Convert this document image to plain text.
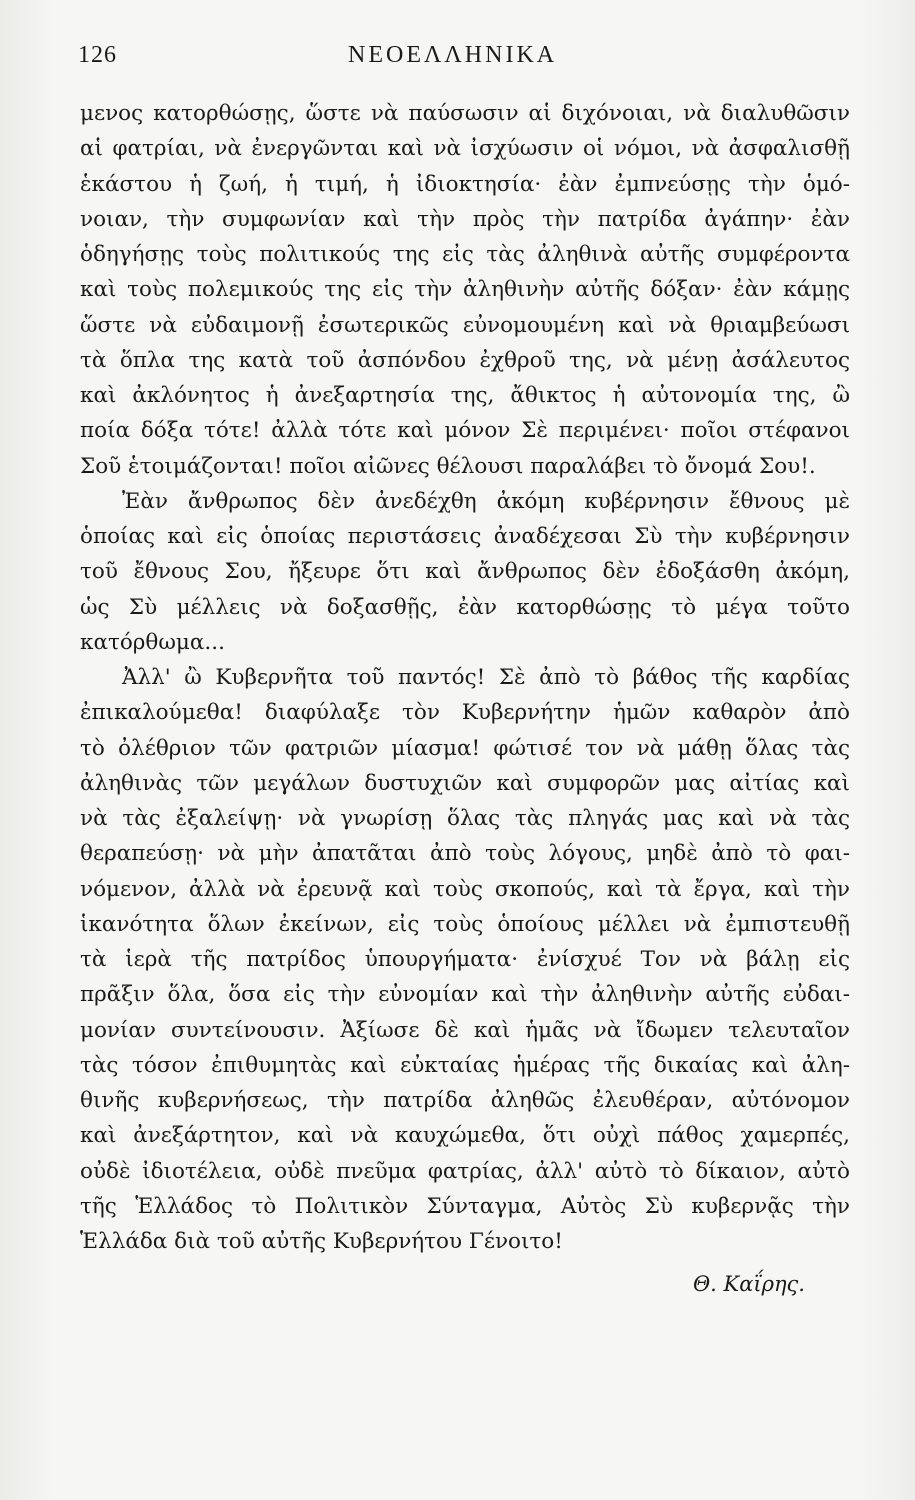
126	ΝΕΟΕΛΛΗΝΙΚΑ
μενος κατορθώσῃς, ὥστε νὰ παύσωσιν αἱ διχόνοιαι, νὰ διαλυθῶσιν
αἱ φατρίαι, νὰ ἐνεργῶνται καὶ νὰ ἰσχύωσιν οἱ νόμοι, νὰ ἀσφαλισθῇ
ἑκάστου ἡ ζωή, ἡ τιμή, ἡ ἰδιοκτησία· ἐὰν ἐμπνεύσῃς τὴν ὁμό-
νοιαν, τὴν συμφωνίαν καὶ τὴν πρὸς τὴν πατρίδα ἀγάπην· ἐὰν
ὁδηγήσῃς τοὺς πολιτικούς της εἰς τὰς ἀληθινὰ αὐτῆς συμφέροντα
καὶ τοὺς πολεμικούς της εἰς τὴν ἀληθινὴν αὐτῆς δόξαν· ἐὰν κάμῃς
ὥστε νὰ εὐδαιμονῇ ἐσωτερικῶς εὐνομουμένη καὶ νὰ θριαμβεύωσι
τὰ ὅπλα της κατὰ τοῦ ἀσπόνδου ἐχθροῦ της, νὰ μένῃ ἀσάλευτος
καὶ ἀκλόνητος ἡ ἀνεξαρτησία της, ἄθικτος ἡ αὐτονομία της, ὢ
ποία δόξα τότε! ἀλλὰ τότε καὶ μόνον Σὲ περιμένει· ποῖοι στέφανοι
Σοῦ ἑτοιμάζονται! ποῖοι αἰῶνες θέλουσι παραλάβει τὸ ὄνομά Σου!.
Ἐὰν ἄνθρωπος δὲν ἀνεδέχθη ἀκόμη κυβέρνησιν ἔθνους μὲ
ὁποίας καὶ εἰς ὁποίας περιστάσεις ἀναδέχεσαι Σὺ τὴν κυβέρνησιν
τοῦ ἔθνους Σου, ἤξευρε ὅτι καὶ ἄνθρωπος δὲν ἐδοξάσθη ἀκόμη,
ὡς Σὺ μέλλεις νὰ δοξασθῇς, ἐὰν κατορθώσῃς τὸ μέγα τοῦτο
κατόρθωμα...
Ἀλλ' ὢ Κυβερνῆτα τοῦ παντός! Σὲ ἀπὸ τὸ βάθος τῆς καρδίας
ἐπικαλούμεθα! διαφύλαξε τὸν Κυβερνήτην ἡμῶν καθαρὸν ἀπὸ
τὸ ὀλέθριον τῶν φατριῶν μίασμα! φώτισέ τον νὰ μάθῃ ὅλας τὰς
ἀληθινὰς τῶν μεγάλων δυστυχιῶν καὶ συμφορῶν μας αἰτίας καὶ
νὰ τὰς ἐξαλείψῃ· νὰ γνωρίσῃ ὅλας τὰς πληγάς μας καὶ νὰ τὰς
θεραπεύσῃ· νὰ μὴν ἀπατᾶται ἀπὸ τοὺς λόγους, μηδὲ ἀπὸ τὸ φαι-
νόμενον, ἀλλὰ νὰ ἐρευνᾷ καὶ τοὺς σκοπούς, καὶ τὰ ἔργα, καὶ τὴν
ἱκανότητα ὅλων ἐκείνων, εἰς τοὺς ὁποίους μέλλει νὰ ἐμπιστευθῇ
τὰ ἱερὰ τῆς πατρίδος ὑπουργήματα· ἐνίσχυέ Τον νὰ βάλῃ εἰς
πρᾶξιν ὅλα, ὅσα εἰς τὴν εὐνομίαν καὶ τὴν ἀληθινὴν αὐτῆς εὐδαι-
μονίαν συντείνουσιν. Ἀξίωσε δὲ καὶ ἡμᾶς νὰ ἴδωμεν τελευταῖον
τὰς τόσον ἐπιθυμητὰς καὶ εὐκταίας ἡμέρας τῆς δικαίας καὶ ἀλη-
θινῆς κυβερνήσεως, τὴν πατρίδα ἀληθῶς ἐλευθέραν, αὐτόνομον
καὶ ἀνεξάρτητον, καὶ νὰ καυχώμεθα, ὅτι οὐχὶ πάθος χαμερπές,
οὐδὲ ἰδιοτέλεια, οὐδὲ πνεῦμα φατρίας, ἀλλ' αὐτὸ τὸ δίκαιον, αὐτὸ
τῆς Ἑλλάδος τὸ Πολιτικὸν Σύνταγμα, Αὐτὸς Σὺ κυβερνᾷς τὴν
Ἑλλάδα διὰ τοῦ αὐτῆς Κυβερνήτου Γένοιτο!
Θ. Καΐρης.
